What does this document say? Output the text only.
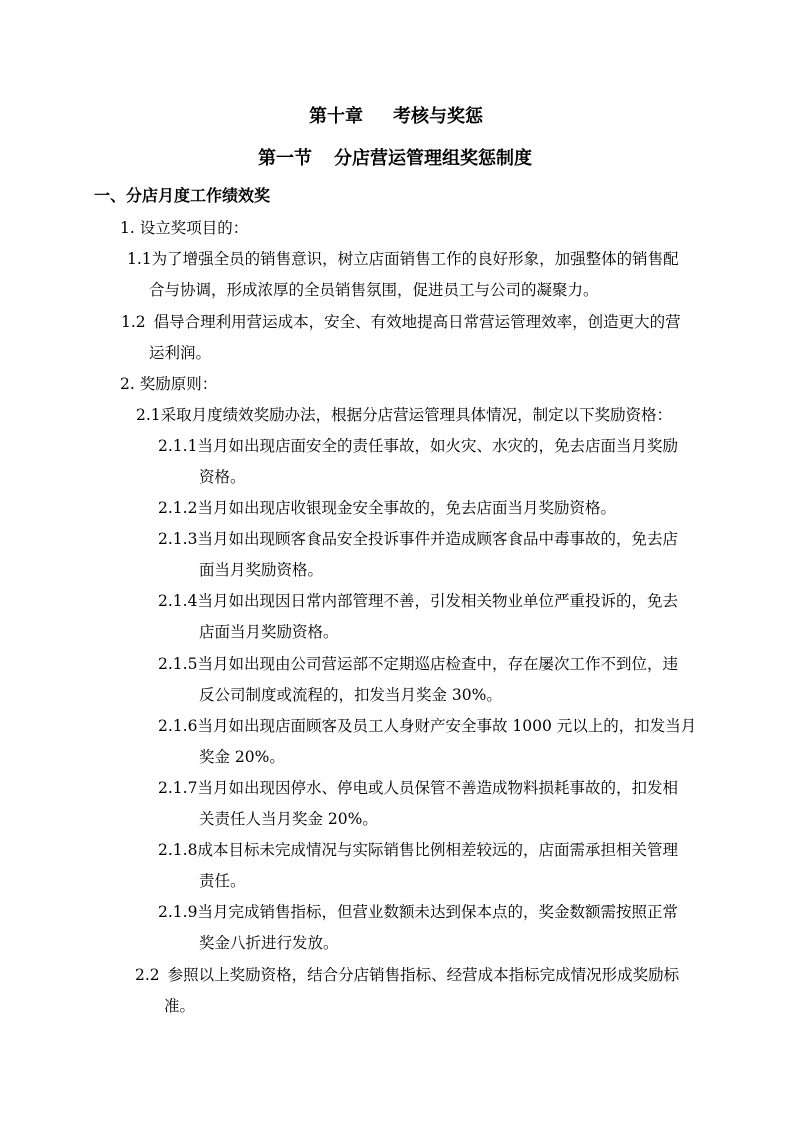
第十章 考核与奖惩
第一节 分店营运管理组奖惩制度
一、分店月度工作绩效奖
1. 设立奖项目的：
1.1为了增强全员的销售意识，树立店面销售工作的良好形象，加强整体的销售配
合与协调，形成浓厚的全员销售氛围，促进员工与公司的凝聚力。
1.2 倡导合理利用营运成本，安全、有效地提高日常营运管理效率，创造更大的营
运利润。
2. 奖励原则：
2.1采取月度绩效奖励办法，根据分店营运管理具体情况，制定以下奖励资格：
2.1.1当月如出现店面安全的责任事故，如火灾、水灾的，免去店面当月奖励
资格。
2.1.2当月如出现店收银现金安全事故的，免去店面当月奖励资格。
2.1.3当月如出现顾客食品安全投诉事件并造成顾客食品中毒事故的，免去店
面当月奖励资格。
2.1.4当月如出现因日常内部管理不善，引发相关物业单位严重投诉的，免去
店面当月奖励资格。
2.1.5当月如出现由公司营运部不定期巡店检查中，存在屡次工作不到位，违
反公司制度或流程的，扣发当月奖金 30%。
2.1.6当月如出现店面顾客及员工人身财产安全事故 1000 元以上的，扣发当月
奖金 20%。
2.1.7当月如出现因停水、停电或人员保管不善造成物料损耗事故的，扣发相
关责任人当月奖金 20%。
2.1.8成本目标未完成情况与实际销售比例相差较远的，店面需承担相关管理
责任。
2.1.9当月完成销售指标，但营业数额未达到保本点的，奖金数额需按照正常
奖金八折进行发放。
2.2 参照以上奖励资格，结合分店销售指标、经营成本指标完成情况形成奖励标
准。
